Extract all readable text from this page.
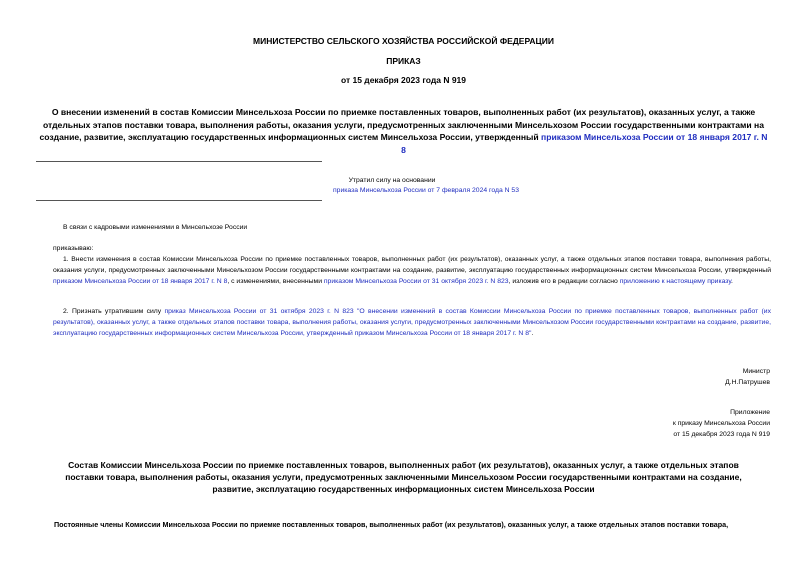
МИНИСТЕРСТВО СЕЛЬСКОГО ХОЗЯЙСТВА РОССИЙСКОЙ ФЕДЕРАЦИИ
ПРИКАЗ
от 15 декабря 2023 года N 919
О внесении изменений в состав Комиссии Минсельхоза России по приемке поставленных товаров, выполненных работ (их результатов), оказанных услуг, а также отдельных этапов поставки товара, выполнения работы, оказания услуги, предусмотренных заключенными Минсельхозом России государственными контрактами на создание, развитие, эксплуатацию государственных информационных систем Минсельхоза России, утвержденный приказом Минсельхоза России от 18 января 2017 г. N 8
Утратил силу на основании
приказа Минсельхоза России от 7 февраля 2024 года N 53
В связи с кадровыми изменениями в Минсельхозе России
приказываю:
1. Внести изменения в состав Комиссии Минсельхоза России по приемке поставленных товаров, выполненных работ (их результатов), оказанных услуг, а также отдельных этапов поставки товара, выполнения работы, оказания услуги, предусмотренных заключенными Минсельхозом России государственными контрактами на создание, развитие, эксплуатацию государственных информационных систем Минсельхоза России, утвержденный приказом Минсельхоза России от 18 января 2017 г. N 8, с изменениями, внесенными приказом Минсельхоза России от 31 октября 2023 г. N 823, изложив его в редакции согласно приложению к настоящему приказу.
2. Признать утратившим силу приказ Минсельхоза России от 31 октября 2023 г. N 823 "О внесении изменений в состав Комиссии Минсельхоза России по приемке поставленных товаров, выполненных работ (их результатов), оказанных услуг, а также отдельных этапов поставки товара, выполнения работы, оказания услуги, предусмотренных заключенными Минсельхозом России государственными контрактами на создание, развитие, эксплуатацию государственных информационных систем Минсельхоза России, утвержденный приказом Минсельхоза России от 18 января 2017 г. N 8".
Министр
Д.Н.Патрушев
Приложение
к приказу Минсельхоза России
от 15 декабря 2023 года N 919
Состав Комиссии Минсельхоза России по приемке поставленных товаров, выполненных работ (их результатов), оказанных услуг, а также отдельных этапов поставки товара, выполнения работы, оказания услуги, предусмотренных заключенными Минсельхозом России государственными контрактами на создание, развитие, эксплуатацию государственных информационных систем Минсельхоза России
Постоянные члены Комиссии Минсельхоза России по приемке поставленных товаров, выполненных работ (их результатов), оказанных услуг, а также отдельных этапов поставки товара,
